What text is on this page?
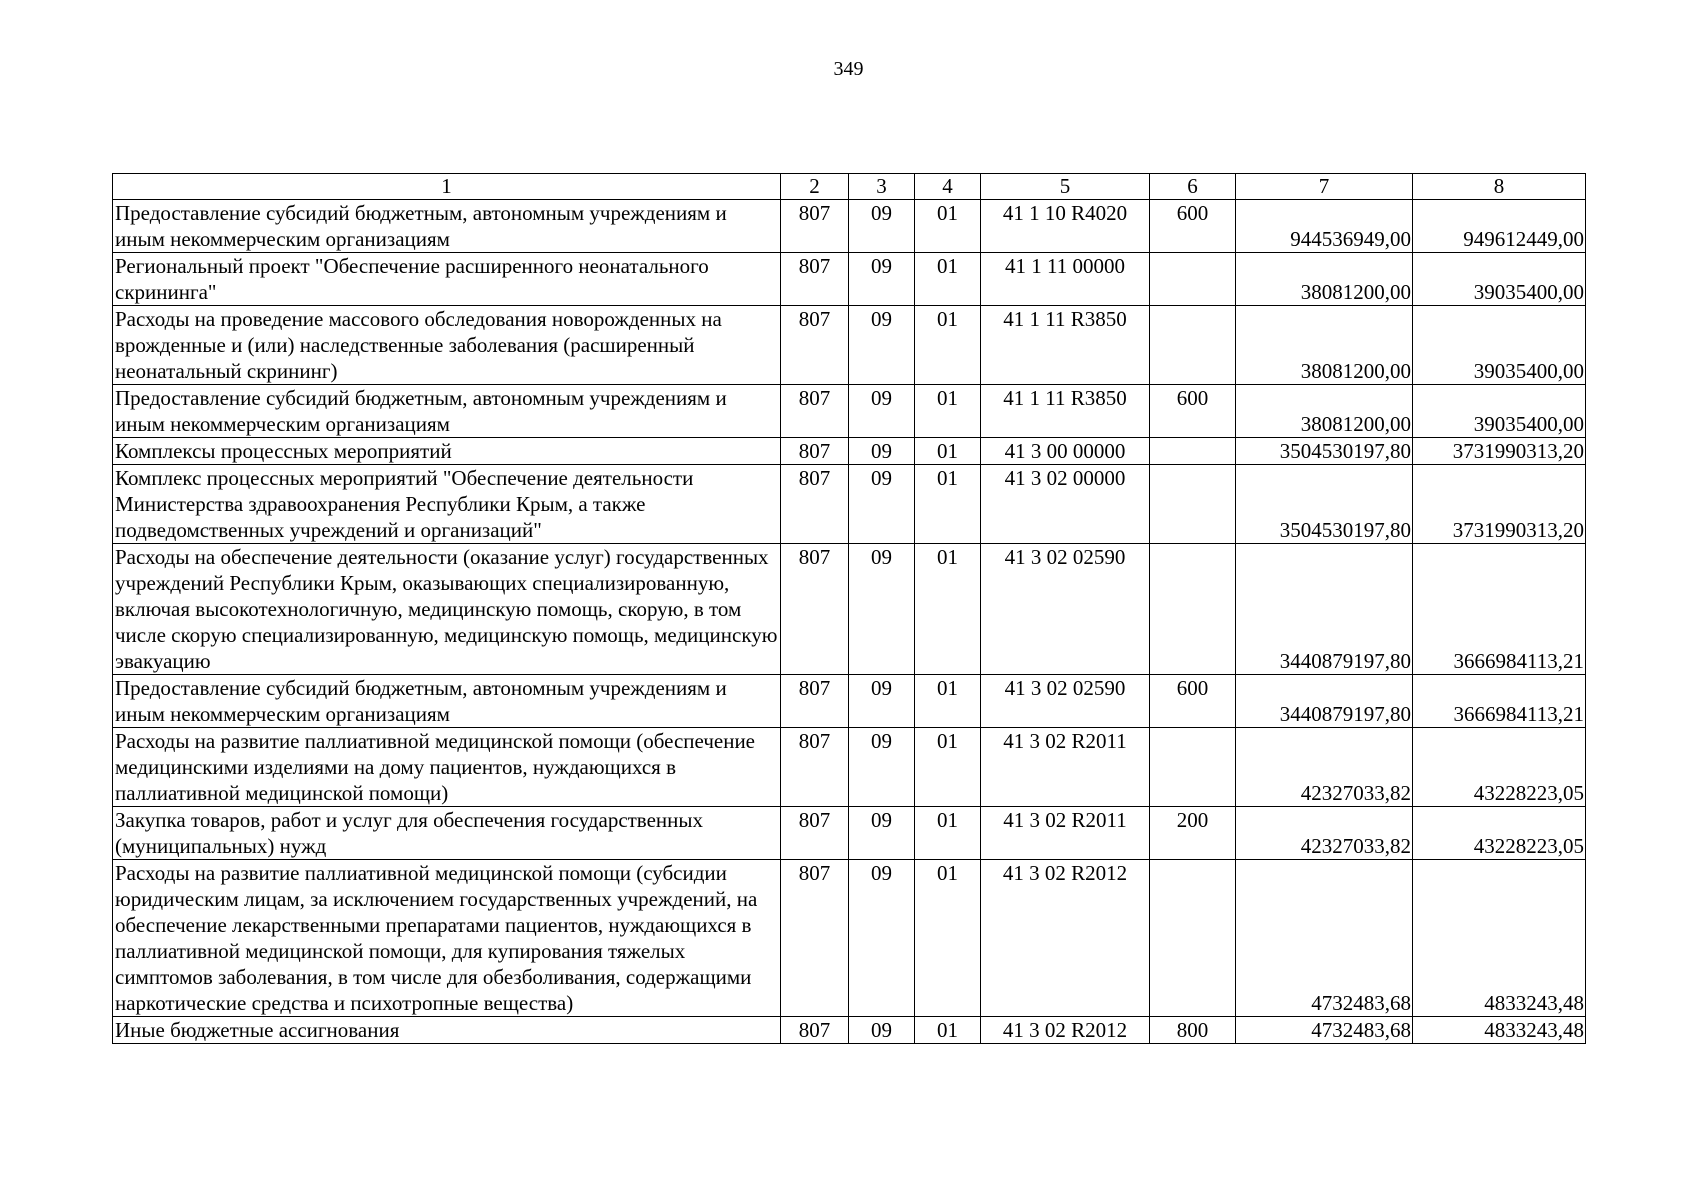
349
1	2	3	4	5	6	7	8
Предоставление субсидий бюджетным, автономным учреждениям и иным некоммерческим организациям	807	09	01	41 1 10 R4020	600	944536949,00	949612449,00
Региональный проект "Обеспечение расширенного неонатального скрининга"	807	09	01	41 1 11 00000		38081200,00	39035400,00
Расходы на проведение массового обследования новорожденных на врожденные и (или) наследственные заболевания (расширенный неонатальный скрининг)	807	09	01	41 1 11 R3850		38081200,00	39035400,00
Предоставление субсидий бюджетным, автономным учреждениям и иным некоммерческим организациям	807	09	01	41 1 11 R3850	600	38081200,00	39035400,00
Комплексы процессных мероприятий	807	09	01	41 3 00 00000		3504530197,80	3731990313,20
Комплекс процессных мероприятий "Обеспечение деятельности Министерства здравоохранения Республики Крым, а также подведомственных учреждений и организаций"	807	09	01	41 3 02 00000		3504530197,80	3731990313,20
Расходы на обеспечение деятельности (оказание услуг) государственных учреждений Республики Крым, оказывающих специализированную, включая высокотехнологичную, медицинскую помощь, скорую, в том числе скорую специализированную, медицинскую помощь, медицинскую эвакуацию	807	09	01	41 3 02 02590		3440879197,80	3666984113,21
Предоставление субсидий бюджетным, автономным учреждениям и иным некоммерческим организациям	807	09	01	41 3 02 02590	600	3440879197,80	3666984113,21
Расходы на развитие паллиативной медицинской помощи (обеспечение медицинскими изделиями на дому пациентов, нуждающихся в паллиативной медицинской помощи)	807	09	01	41 3 02 R2011		42327033,82	43228223,05
Закупка товаров, работ и услуг для обеспечения государственных (муниципальных) нужд	807	09	01	41 3 02 R2011	200	42327033,82	43228223,05
Расходы на развитие паллиативной медицинской помощи (субсидии юридическим лицам, за исключением государственных учреждений, на обеспечение лекарственными препаратами пациентов, нуждающихся в паллиативной медицинской помощи, для купирования тяжелых симптомов заболевания, в том числе для обезболивания, содержащими наркотические средства и психотропные вещества)	807	09	01	41 3 02 R2012		4732483,68	4833243,48
Иные бюджетные ассигнования	807	09	01	41 3 02 R2012	800	4732483,68	4833243,48
